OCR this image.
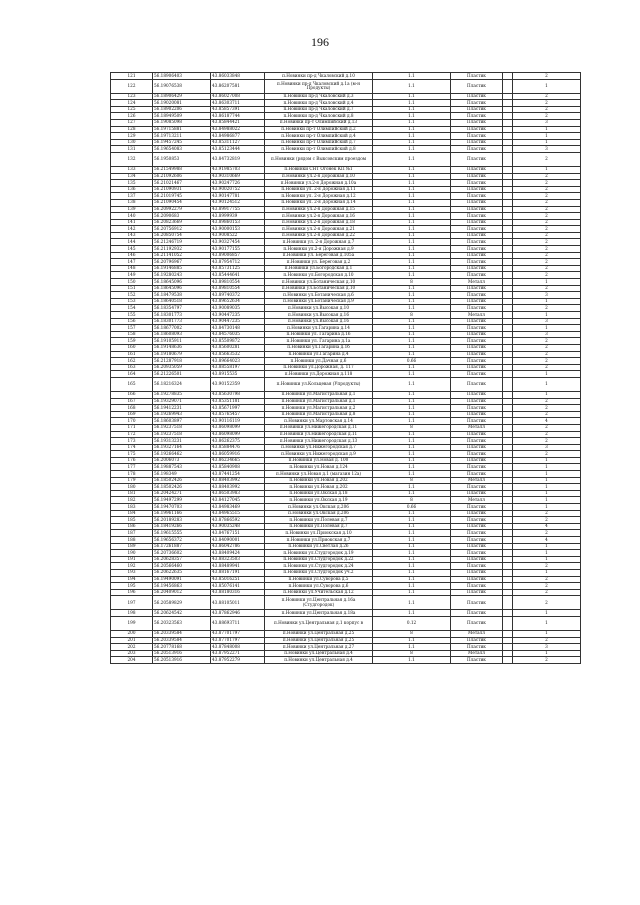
196
121	56.18906403	43.86033848	п.Новинки пр-д Чкаловский д.10	1.1	Пластик		2
122	56.19076538	43.86207581	п.Новинки пр-д Чкаловский д.1а (м-н Продукты)	1.1	Пластик		1
123	56.18906429	43.86027008	п.Новинки пр-д Чкаловский д.3	1.1	Пластик		2
124	56.19020081	43.86303711	п.Новинки пр-д Чкаловский д.4	1.1	Пластик		2
125	56.18902206	43.85857391	п.Новинки пр-д Чкаловский д.7	1.1	Пластик		2
126	56.18949509	43.86187744	п.Новинки пр-д Чкаловский д.8	1.1	Пластик		2
127	56.19085098	43.85844421	п.Новинки пр-т Олимпийский д.13	1.1	Пластик		3
128	56.19715881	43.84988022	п.Новинки пр-т Олимпийский д.2	1.1	Пластик		1
129	56.19713211	43.84986877	п.Новинки пр-т Олимпийский д.4	1.1	Пластик		1
130	56.19457245	43.85311127	п.Новинки пр-т Олимпийский д.7	1.1	Пластик		1
131	56.19654083	43.85123444	п.Новинки пр-т Олимпийский д.8	1.1	Пластик		3
132	56.1950853	43.84732819	п.Новинки (рядом с Выксовским проездом	1.1	Пластик		2
133	56.21549988	43.91985703	п.Новинки СНТ Огонек КП №1	1.1	Пластик		1
134	56.21092606	43.90310669	п.Новинки ул.2-я Дорожная д.10	1.1	Пластик		2
135	56.21021467	43.90247726	п.Новинки ул.2-я Дорожная д.10а	1.1	Пластик		2
136	56.21090931	43.90020752	п.Новинки ул. 2-я Дорожная д.11	1.1	Пластик		2
137	56.21019745	43.90147781	п.Новинки ул. 2-я Дорожная д.12	1.1	Пластик		2
138	56.21090454	43.90124512	п.Новинки ул. 2-я Дорожная д.14	1.1	Пластик		2
139	56.20992279	43.89917755	п.Новинки ул.2-я Дорожная д.15	1.1	Пластик		2
140	56.2090683	43.8999939	п.Новинки ул.2-я Дорожная д.16	1.1	Пластик		2
141	56.20823669	43.89860153	п.Новинки ул.2-я Дорожная д.18	1.1	Пластик		2
142	56.20756912	43.90000153	п.Новинки ул.2-я Дорожная д.21	1.1	Пластик		2
143	56.20850754	43.9008522	п.Новинки ул.2-я Дорожная д.22	1.1	Пластик		2
144	56.21246719	43.90327454	п.Новинки ул. 2-я Дорожная д.7	1.1	Пластик		2
145	56.21192932	43.90177155	п.Новинки ул.2-я Дорожная д.9	1.1	Пластик		2
146	56.21141052	43.89006857	п.Новинки ул. Береговая д.105а	1.1	Пластик		2
147	56.20796967	43.87954712	п.Новинки ул. Береговая д.2	1.1	Пластик		2
148	56.19146885	43.85731125	п.Новинки ул.Богородская д.1	1.1	Пластик		2
149	56.19280243	43.85444641	п.Новинки ул.Богородская д.10	1.1	Пластик		2
150	56.18645096	43.89810554	п.Новинки ул.Ботаническая д.10	8	Металл		1
151	56.18645096	43.89810554	п.Новинки ул.Ботаническая д.10	1.1	Пластик		2
152	56.18479538	43.89740372	п.Новинки ул.Ботаническая д.6	1.1	Пластик		3
153	56.18640518	43.89652634	п.Новинки ул.Ботаническая д.9	1.1	Пластик		1
154	56.18354797	43.90089035	п.Новинки ул.Высокая д.10	1.1	Пластик		2
155	56.18301773	43.90447235	п.Новинки ул.Высокая д.16	8	Металл		1
156	56.18301773	43.90447235	п.Новинки ул.Высокая д.16	1.1	Пластик		3
157	56.18677002	43.84730148	п.Новинки ул.Гагарина д.14	1.1	Пластик		1
158	56.18608093	43.84576035	п.Новинки ул. Гагарина д.16	1.1	Пластик		3
159	56.19105911	43.85509872	п.Новинки ул. Гагарина д.1а	1.1	Пластик		2
160	56.19148636	43.85600281	п.Новинки ул.Гагарина д.1б	1.1	Пластик		2
161	56.19180679	43.85663532	п.Новинки ул.Гагарина д.4	1.1	Пластик		2
162	56.21287918	43.89664023	п.Новинки ул.Дачная д.6	0.66	Пластик		2
163	56.20935059	43.88558197	п.Новинки ул.Дорожная, д. 117	1.1	Пластик		2
164	56.21226501	43.8915535	п.Новинки ул.Дорожная д.118	1.1	Пластик		1
165	56.18216324	43.90152359	п.Новинки ул.Кольцевая (Упродукты)	1.1	Пластик		1
166	56.19278835	43.85630798	п.Новинки ул.Магистральная д.1	1.1	Пластик		1
167	56.19329071	43.85351181	п.Новинки ул.Магистральная д.1	1.1	Пластик		2
168	56.19412231	43.85671997	п.Новинки ул.Магистральная д.2	1.1	Пластик		2
169	56.19269943	43.85765457	п.Новинки ул.Магистральная д.8	1.1	Пластик		2
170	56.18603897	43.90116119	п.Новинки ул.Мартовская д.14	1.1	Пластик		4
171	56.19237518	43.86098099	п.Новинки ул.Нижегородская д.11	8	Металл		2
172	56.19237518	43.86098099	п.Новинки ул.Нижегородская д.11	1.1	Пластик		2
173	56.19313231	43.86262375	п.Новинки ул.Нижегородская д.13	1.1	Пластик		2
174	56.19327164	43.85884476	п.Новинки ул.Нижегородская д.7	1.1	Пластик		3
175	56.19266462	43.86059916	п.Новинки ул.Нижегородская д.9	1.1	Пластик		2
176	56.2006073	43.86234665	п.Новинки ул.Новая д. 100	1.1	Пластик		1
177	56.19887543	43.85840908	п.Новинки ул.Новая д.124	1.1	Пластик		1
178	56.198349	43.87441254	п.Новинки ул.Новая д.1 (магазин 12а)	1.1	Пластик		1
179	56.18502426	43.88403992	п.Новинки ул.Новая д.202	8	Металл		1
180	56.18502426	43.88403992	п.Новинки ул.Новая д.202	1.1	Пластик		1
181	56.20424271	43.86503983	п.Новинки ул.Окская д.18	1.1	Пластик		1
182	56.19497299	43.84127045	п.Новинки ул.Окская д.19	8	Металл		1
183	56.19470703	43.84983469	п.Новинки ул.Окская д.206	0.66	Пластик		1
184	56.19961166	43.84965515	п.Новинки ул.Окская д.206	1.1	Пластик		2
185	56.20189283	43.87866592	п.Новинки ул.Полевая д.7	1.1	Пластик		2
186	56.18419266	43.90035248	п.Новинки ул.Полевая д.7	1.1	Пластик		4
187	56.19615555	43.84767151	п.Новинки ул.Приокская д.10	1.1	Пластик		2
188	56.19656372	43.84090001	п.Новинки ул.Приокская д.7	1.1	Пластик		4
189	56.17261887	43.86042786	п.Новинки ул.Светлая д.26	1.1	Пластик		1
190	56.20736602	43.88409424	п.Новинки ул.Студгородок д.19	1.1	Пластик		1
191	56.20628357	43.88323503	п.Новинки ул.Студгородок д.22	1.1	Пластик		1
192	56.20566460	43.88489941	п.Новинки ул.Студгородок д.24	1.1	Пластик		2
193	56.20622635	43.88167191	п.Новинки ул.Студгородок уч.2	1.1	Пластик		1
194	56.19490091	43.85016251	п.Новинки ул.Суворова д.5	1.1	Пластик		2
195	56.19456863	43.85076141	п.Новинки ул.Суворова д.6	1.1	Пластик		2
196	56.20409012	43.88180316	п.Новинки ул.Учительская д.12	1.1	Пластик		2
197	56.20589829	43.88105011	п.Новинки ул.Центральная д.16а (Студгородок)	1.1	Пластик		2
198	56.20624542	43.87862946	п.Новинки ул.Центральная д.18а	1.1	Пластик		1
199	56.20323563	43.88693711	п.Новинки ул.Центральная д.1 корпус в	0.12	Пластик		1
200	56.20339584	43.87701797	п.Новинки ул.Центральная д.25	8	Металл		1
201	56.20339584	43.87701797	п.Новинки ул.Центральная д.25	1.1	Пластик		2
202	56.20778168	43.87848008	п.Новинки ул.Центральная д.27	1.1	Пластик		3
203	56.20513916	43.87952271	п.Новинки ул.Центральная д.4	8	Металл		1
204	56.20513916	43.87952279	п.Новинки ул.Центральная д.4	1.1	Пластик		2
